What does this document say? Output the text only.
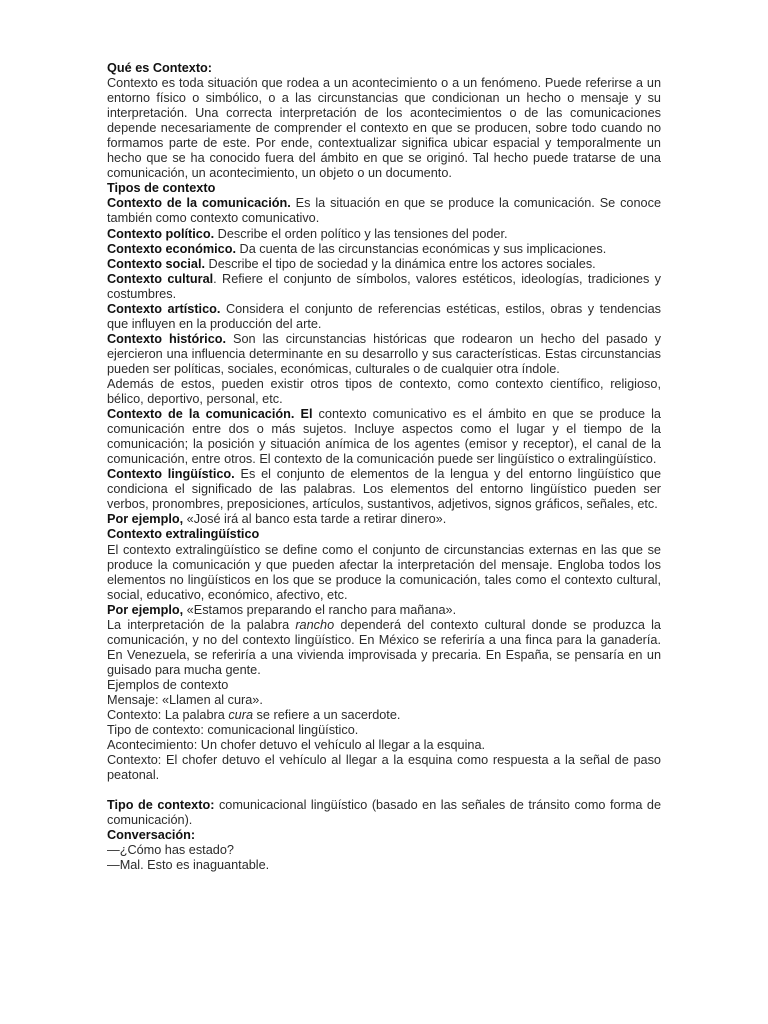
Qué es Contexto:

Contexto es toda situación que rodea a un acontecimiento o a un fenómeno. Puede referirse a un entorno físico o simbólico, o a las circunstancias que condicionan un hecho o mensaje y su interpretación. Una correcta interpretación de los acontecimientos o de las comunicaciones depende necesariamente de comprender el contexto en que se producen, sobre todo cuando no formamos parte de este. Por ende, contextualizar significa ubicar espacial y temporalmente un hecho que se ha conocido fuera del ámbito en que se originó. Tal hecho puede tratarse de una comunicación, un acontecimiento, un objeto o un documento.

Tipos de contexto

Contexto de la comunicación. Es la situación en que se produce la comunicación. Se conoce también como contexto comunicativo.

Contexto político. Describe el orden político y las tensiones del poder.

Contexto económico. Da cuenta de las circunstancias económicas y sus implicaciones.

Contexto social. Describe el tipo de sociedad y la dinámica entre los actores sociales.

Contexto cultural. Refiere el conjunto de símbolos, valores estéticos, ideologías, tradiciones y costumbres.

Contexto artístico. Considera el conjunto de referencias estéticas, estilos, obras y tendencias que influyen en la producción del arte.

Contexto histórico. Son las circunstancias históricas que rodearon un hecho del pasado y ejercieron una influencia determinante en su desarrollo y sus características. Estas circunstancias pueden ser políticas, sociales, económicas, culturales o de cualquier otra índole.

Además de estos, pueden existir otros tipos de contexto, como contexto científico, religioso, bélico, deportivo, personal, etc.

Contexto de la comunicación. El contexto comunicativo es el ámbito en que se produce la comunicación entre dos o más sujetos. Incluye aspectos como el lugar y el tiempo de la comunicación; la posición y situación anímica de los agentes (emisor y receptor), el canal de la comunicación, entre otros. El contexto de la comunicación puede ser lingüístico o extralingüístico.

Contexto lingüístico. Es el conjunto de elementos de la lengua y del entorno lingüístico que condiciona el significado de las palabras. Los elementos del entorno lingüístico pueden ser verbos, pronombres, preposiciones, artículos, sustantivos, adjetivos, signos gráficos, señales, etc.

Por ejemplo, «José irá al banco esta tarde a retirar dinero».

Contexto extralingüístico

El contexto extralingüístico se define como el conjunto de circunstancias externas en las que se produce la comunicación y que pueden afectar la interpretación del mensaje. Engloba todos los elementos no lingüísticos en los que se produce la comunicación, tales como el contexto cultural, social, educativo, económico, afectivo, etc.

Por ejemplo, «Estamos preparando el rancho para mañana».

La interpretación de la palabra rancho dependerá del contexto cultural donde se produzca la comunicación, y no del contexto lingüístico. En México se referiría a una finca para la ganadería. En Venezuela, se referiría a una vivienda improvisada y precaria. En España, se pensaría en un guisado para mucha gente.

Ejemplos de contexto

Mensaje: «Llamen al cura».

Contexto: La palabra cura se refiere a un sacerdote.

Tipo de contexto: comunicacional lingüístico.

Acontecimiento: Un chofer detuvo el vehículo al llegar a la esquina.

Contexto: El chofer detuvo el vehículo al llegar a la esquina como respuesta a la señal de paso peatonal.

Tipo de contexto: comunicacional lingüístico (basado en las señales de tránsito como forma de comunicación).

Conversación:

—¿Cómo has estado?

—Mal. Esto es inaguantable.
